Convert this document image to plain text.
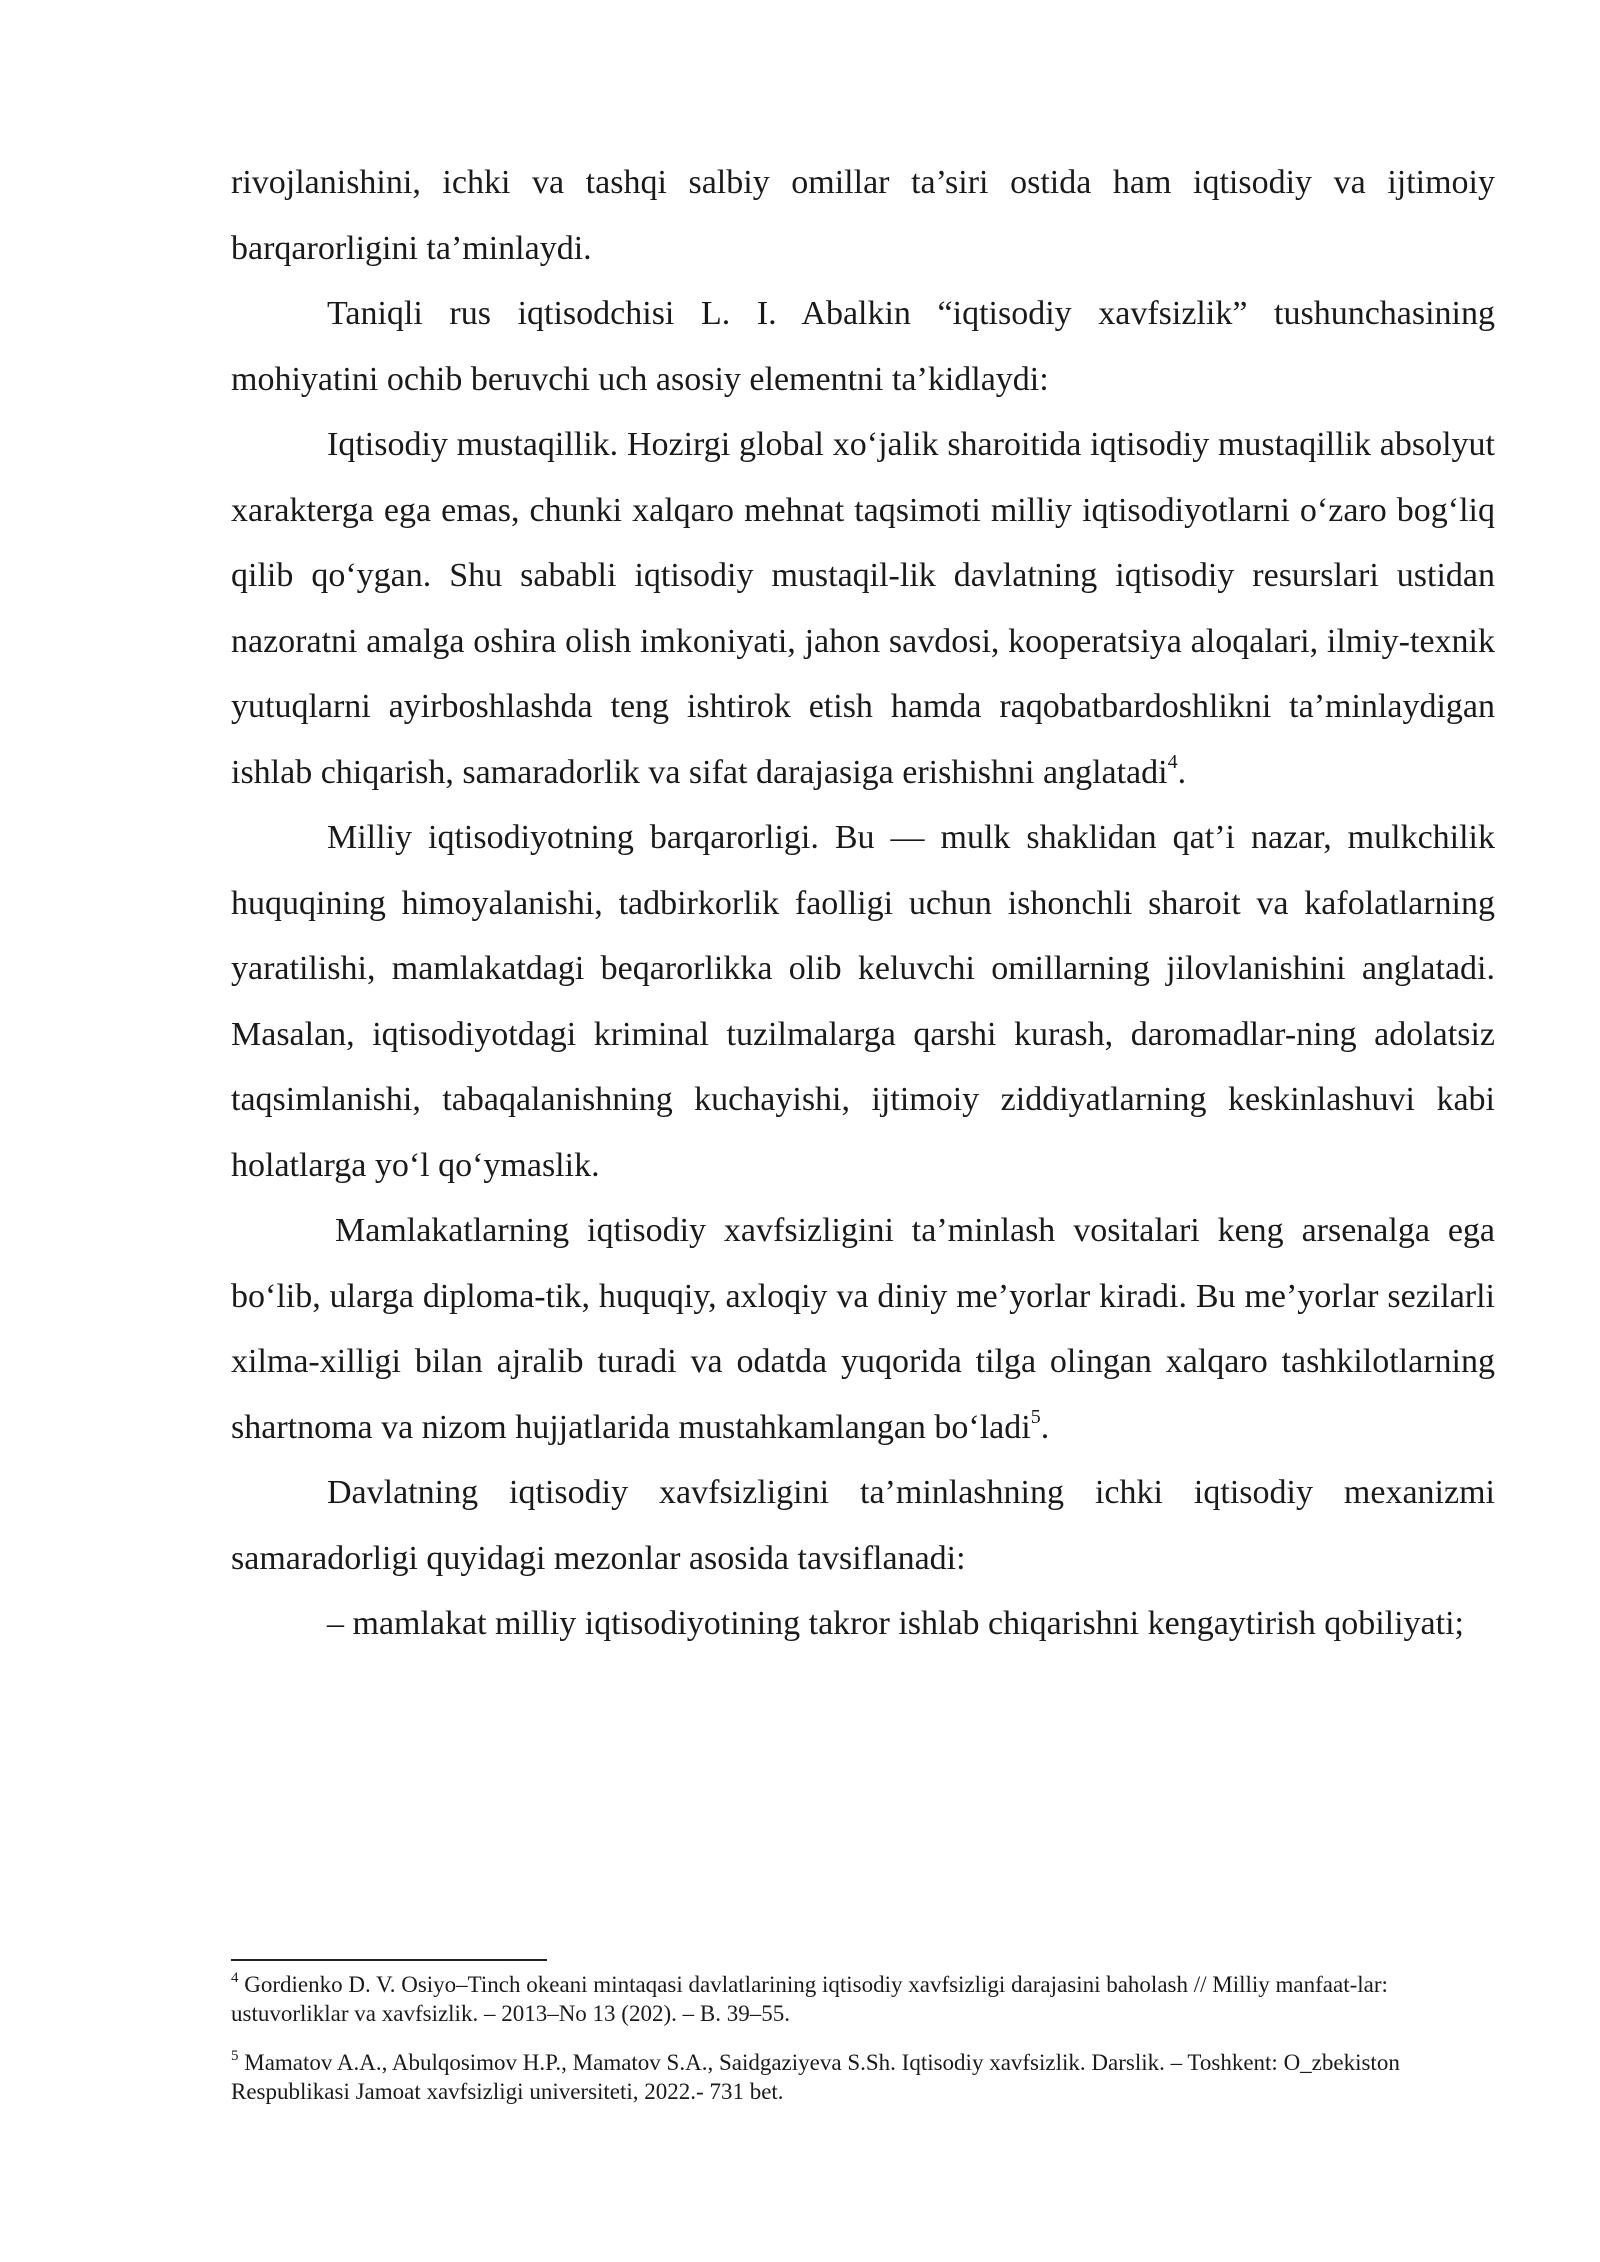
rivojlanishini, ichki va tashqi salbiy omillar ta’siri ostida ham iqtisodiy va ijtimoiy barqarorligini ta’minlaydi.

Taniqli rus iqtisodchisi L. I. Abalkin “iqtisodiy xavfsizlik” tushunchasining mohiyatini ochib beruvchi uch asosiy elementni ta’kidlaydi:

Iqtisodiy mustaqillik. Hozirgi global xo‘jalik sharoitida iqtisodiy mustaqillik absolyut xarakterga ega emas, chunki xalqaro mehnat taqsimoti milliy iqtisodiyotlarni o‘zaro bog‘liq qilib qo‘ygan. Shu sababli iqtisodiy mustaqil-lik davlatning iqtisodiy resurslari ustidan nazoratni amalga oshira olish imkoniyati, jahon savdosi, kooperatsiya aloqalari, ilmiy-texnik yutuqlarni ayirboshlashda teng ishtirok etish hamda raqobatbardoshlikni ta’minlaydigan ishlab chiqarish, samaradorlik va sifat darajasiga erishishni anglatadi$^4$.

Milliy iqtisodiyotning barqarorligi. Bu — mulk shaklidan qat’i nazar, mulkchilik huquqining himoyalanishi, tadbirkorlik faolligi uchun ishonchli sharoit va kafolatlarning yaratilishi, mamlakatdagi beqarorlikka olib keluvchi omillarning jilovlanishini anglatadi. Masalan, iqtisodiyotdagi kriminal tuzilmalarga qarshi kurash, daromadlar-ning adolatsiz taqsimlanishi, tabaqalanishning kuchayishi, ijtimoiy ziddiyatlarning keskinlashuvi kabi holatlarga yo‘l qo‘ymaslik.

Mamlakatlarning iqtisodiy xavfsizligini ta’minlash vositalari keng arsenalga ega bo‘lib, ularga diploma-tik, huquqiy, axloqiy va diniy me’yorlar kiradi. Bu me’yorlar sezilarli xilma-xilligi bilan ajralib turadi va odatda yuqorida tilga olingan xalqaro tashkilotlarning shartnoma va nizom hujjatlarida mustahkamlangan bo‘ladi$^5$.

Davlatning iqtisodiy xavfsizligini ta’minlashning ichki iqtisodiy mexanizmi samaradorligi quyidagi mezonlar asosida tavsiflanadi:

– mamlakat milliy iqtisodiyotining takror ishlab chiqarishni kengaytirish qobiliyati;

$^4$ Gordienko D. V. Osiyo–Tinch okeani mintaqasi davlatlarining iqtisodiy xavfsizligi darajasini baholash // Milliy manfaat-lar: ustuvorliklar va xavfsizlik. – 2013–No 13 (202). – B. 39–55.

$^5$ Mamatov A.A., Abulqosimov H.P., Mamatov S.A., Saidgaziyeva S.Sh. Iqtisodiy xavfsizlik. Darslik. – Toshkent: O_zbekiston Respublikasi Jamoat xavfsizligi universiteti, 2022.- 731 bet.
